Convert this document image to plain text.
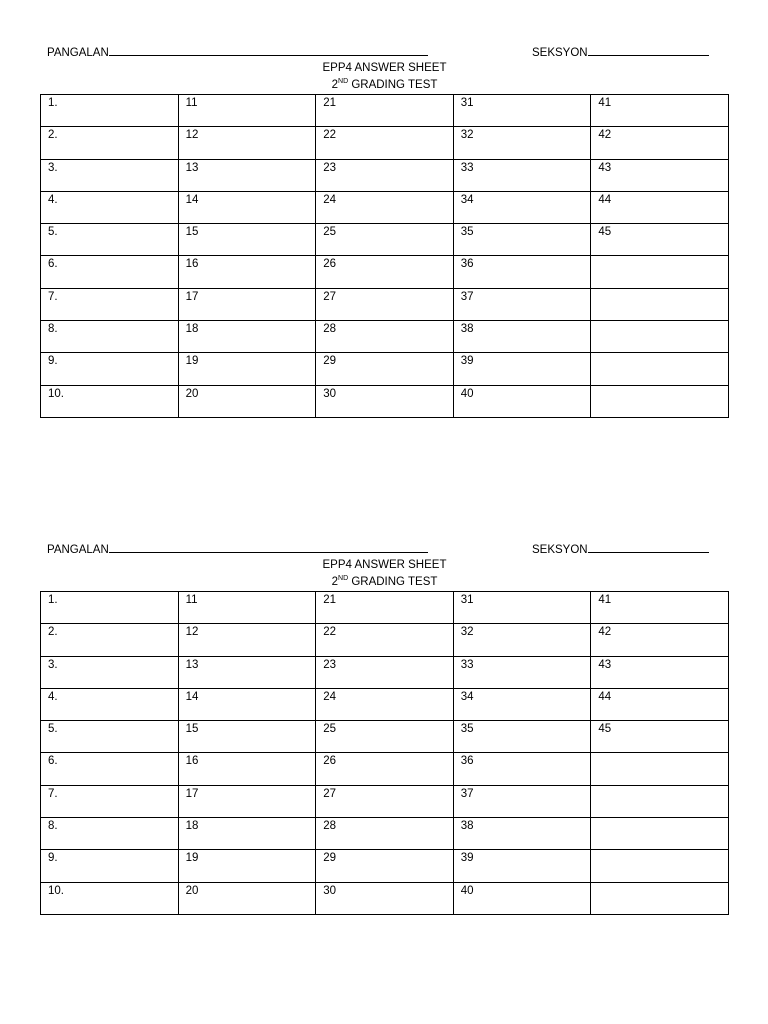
PANGALAN	SEKSYON
EPP4 ANSWER SHEET
2ND GRADING TEST
1.	11	21	31	41
2.	12	22	32	42
3.	13	23	33	43
4.	14	24	34	44
5.	15	25	35	45
6.	16	26	36	
7.	17	27	37	
8.	18	28	38	
9.	19	29	39	
10.	20	30	40	
PANGALAN	SEKSYON
EPP4 ANSWER SHEET
2ND GRADING TEST
1.	11	21	31	41
2.	12	22	32	42
3.	13	23	33	43
4.	14	24	34	44
5.	15	25	35	45
6.	16	26	36	
7.	17	27	37	
8.	18	28	38	
9.	19	29	39	
10.	20	30	40	
